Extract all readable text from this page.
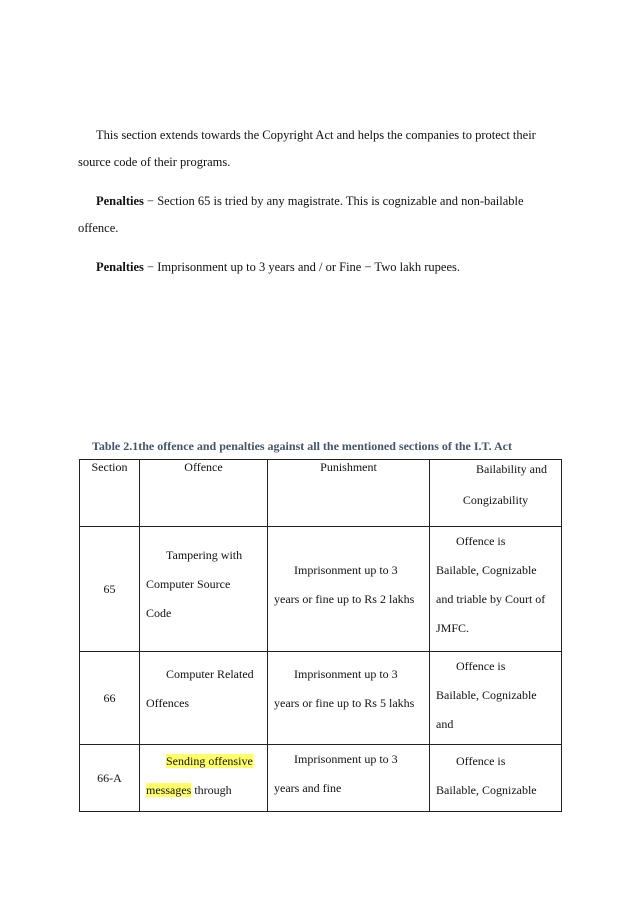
This section extends towards the Copyright Act and helps the companies to protect their
source code of their programs.

Penalties − Section 65 is tried by any magistrate. This is cognizable and non-bailable
offence.

Penalties − Imprisonment up to 3 years and / or Fine − Two lakh rupees.

Table 2.1the offence and penalties against all the mentioned sections of the I.T. Act
Section	Offence	Punishment	Bailability and
Congizability

65	Tampering with
Computer Source
Code	Imprisonment up to 3
years or fine up to Rs 2 lakhs	Offence is
Bailable, Cognizable
and triable by Court of
JMFC.

66	Computer Related
Offences	Imprisonment up to 3
years or fine up to Rs 5 lakhs	Offence is
Bailable, Cognizable
and

66-A	Sending offensive
messages through	Imprisonment up to 3
years and fine	Offence is
Bailable, Cognizable
